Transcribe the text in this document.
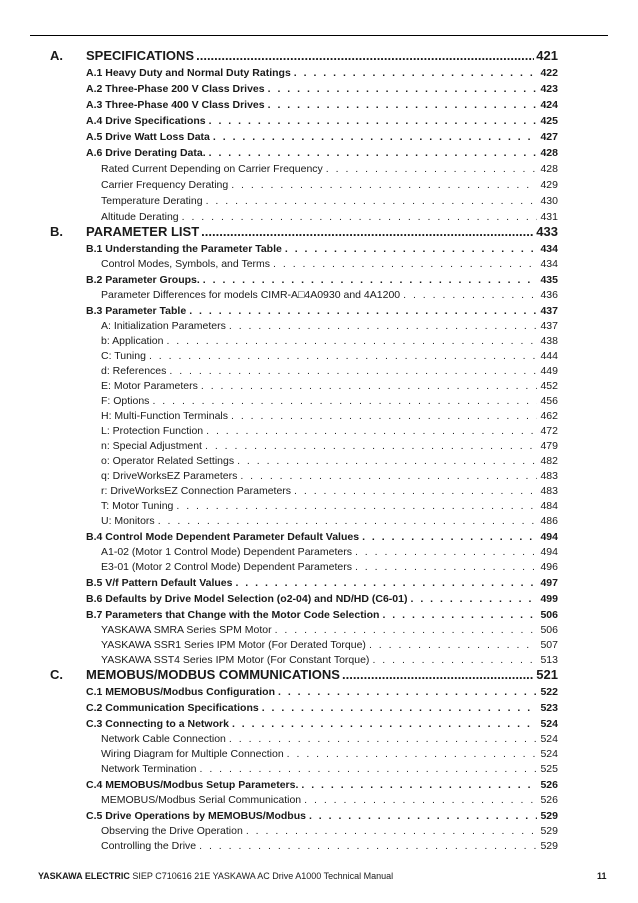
A. SPECIFICATIONS .....	421
A.1 Heavy Duty and Normal Duty Ratings . . .	422
A.2 Three-Phase 200 V Class Drives . . .	423
A.3 Three-Phase 400 V Class Drives . . .	424
A.4 Drive Specifications . . .	425
A.5 Drive Watt Loss Data . . .	427
A.6 Drive Derating Data. . . .	428
Rated Current Depending on Carrier Frequency . . .	428
Carrier Frequency Derating . . .	429
Temperature Derating . . .	430
Altitude Derating . . .	431
B. PARAMETER LIST .....	433
B.1 Understanding the Parameter Table . . .	434
Control Modes, Symbols, and Terms . . .	434
B.2 Parameter Groups. . . .	435
Parameter Differences for models CIMR-A□4A0930 and 4A1200 . . .	436
B.3 Parameter Table . . .	437
A: Initialization Parameters . . .	437
b: Application . . .	438
C: Tuning . . .	444
d: References . . .	449
E: Motor Parameters . . .	452
F: Options . . .	456
H: Multi-Function Terminals . . .	462
L: Protection Function . . .	472
n: Special Adjustment . . .	479
o: Operator Related Settings . . .	482
q: DriveWorksEZ Parameters . . .	483
r: DriveWorksEZ Connection Parameters . . .	483
T: Motor Tuning . . .	484
U: Monitors . . .	486
B.4 Control Mode Dependent Parameter Default Values . . .	494
A1-02 (Motor 1 Control Mode) Dependent Parameters . . .	494
E3-01 (Motor 2 Control Mode) Dependent Parameters . . .	496
B.5 V/f Pattern Default Values . . .	497
B.6 Defaults by Drive Model Selection (o2-04) and ND/HD (C6-01) . . .	499
B.7 Parameters that Change with the Motor Code Selection . . .	506
YASKAWA SMRA Series SPM Motor . . .	506
YASKAWA SSR1 Series IPM Motor (For Derated Torque) . . .	507
YASKAWA SST4 Series IPM Motor (For Constant Torque) . . .	513
C. MEMOBUS/MODBUS COMMUNICATIONS .....	521
C.1 MEMOBUS/Modbus Configuration . . .	522
C.2 Communication Specifications . . .	523
C.3 Connecting to a Network . . .	524
Network Cable Connection . . .	524
Wiring Diagram for Multiple Connection . . .	524
Network Termination . . .	525
C.4 MEMOBUS/Modbus Setup Parameters. . . .	526
MEMOBUS/Modbus Serial Communication . . .	526
C.5 Drive Operations by MEMOBUS/Modbus . . .	529
Observing the Drive Operation . . .	529
Controlling the Drive . . .	529
YASKAWA ELECTRIC SIEP C710616 21E YASKAWA AC Drive A1000 Technical Manual	11
